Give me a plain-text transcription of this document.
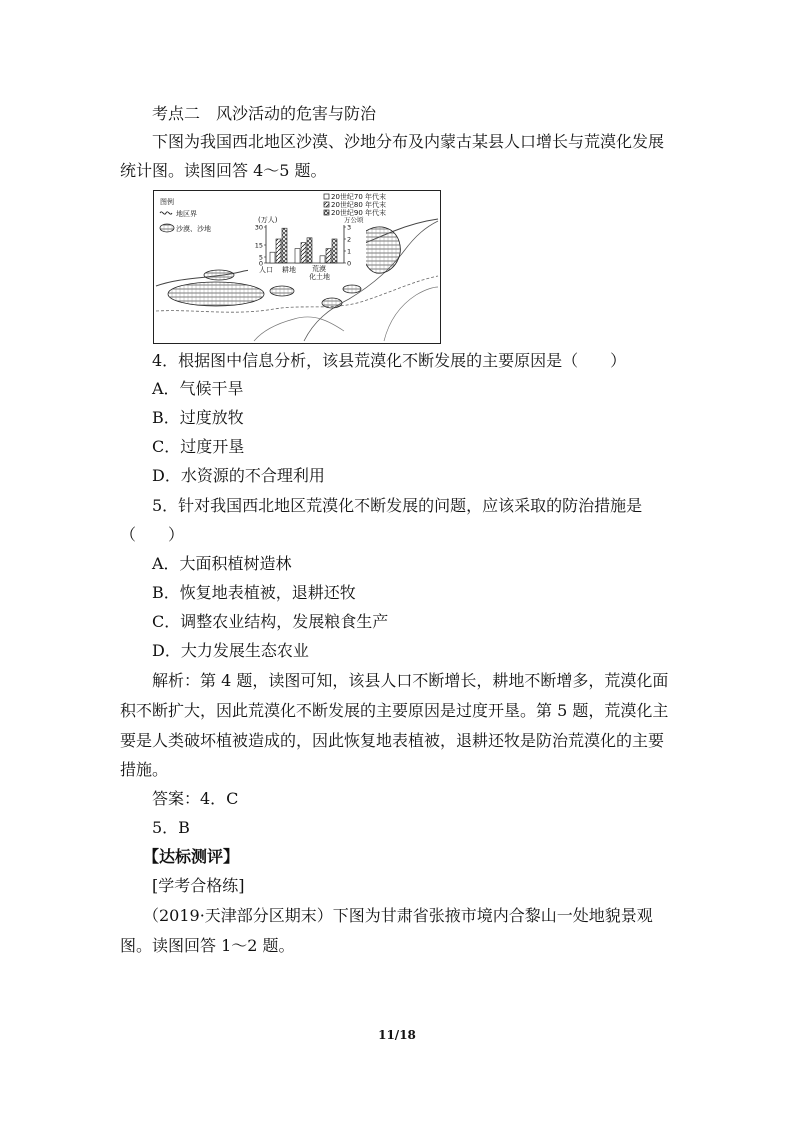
考点二　风沙活动的危害与防治
下图为我国西北地区沙漠、沙地分布及内蒙古某县人口增长与荒漠化发展
统计图。读图回答 4～5 题。
图例
地区界
沙漠、沙地
20世纪70 年代末
20世纪80 年代末
20世纪90 年代末
(万人)	万公顷
30
15
5
0
3
2
1
0
人口 耕地 荒漠
化土地
4．根据图中信息分析，该县荒漠化不断发展的主要原因是（　　）
A．气候干旱
B．过度放牧
C．过度开垦
D．水资源的不合理利用
5．针对我国西北地区荒漠化不断发展的问题，应该采取的防治措施是
（　　）
A．大面积植树造林
B．恢复地表植被，退耕还牧
C．调整农业结构，发展粮食生产
D．大力发展生态农业
解析：第 4 题，读图可知，该县人口不断增长，耕地不断增多，荒漠化面
积不断扩大，因此荒漠化不断发展的主要原因是过度开垦。第 5 题，荒漠化主
要是人类破坏植被造成的，因此恢复地表植被，退耕还牧是防治荒漠化的主要
措施。
答案：4．C
5．B
【达标测评】
[学考合格练]
（2019·天津部分区期末）下图为甘肃省张掖市境内合黎山一处地貌景观
图。读图回答 1～2 题。
11/18
